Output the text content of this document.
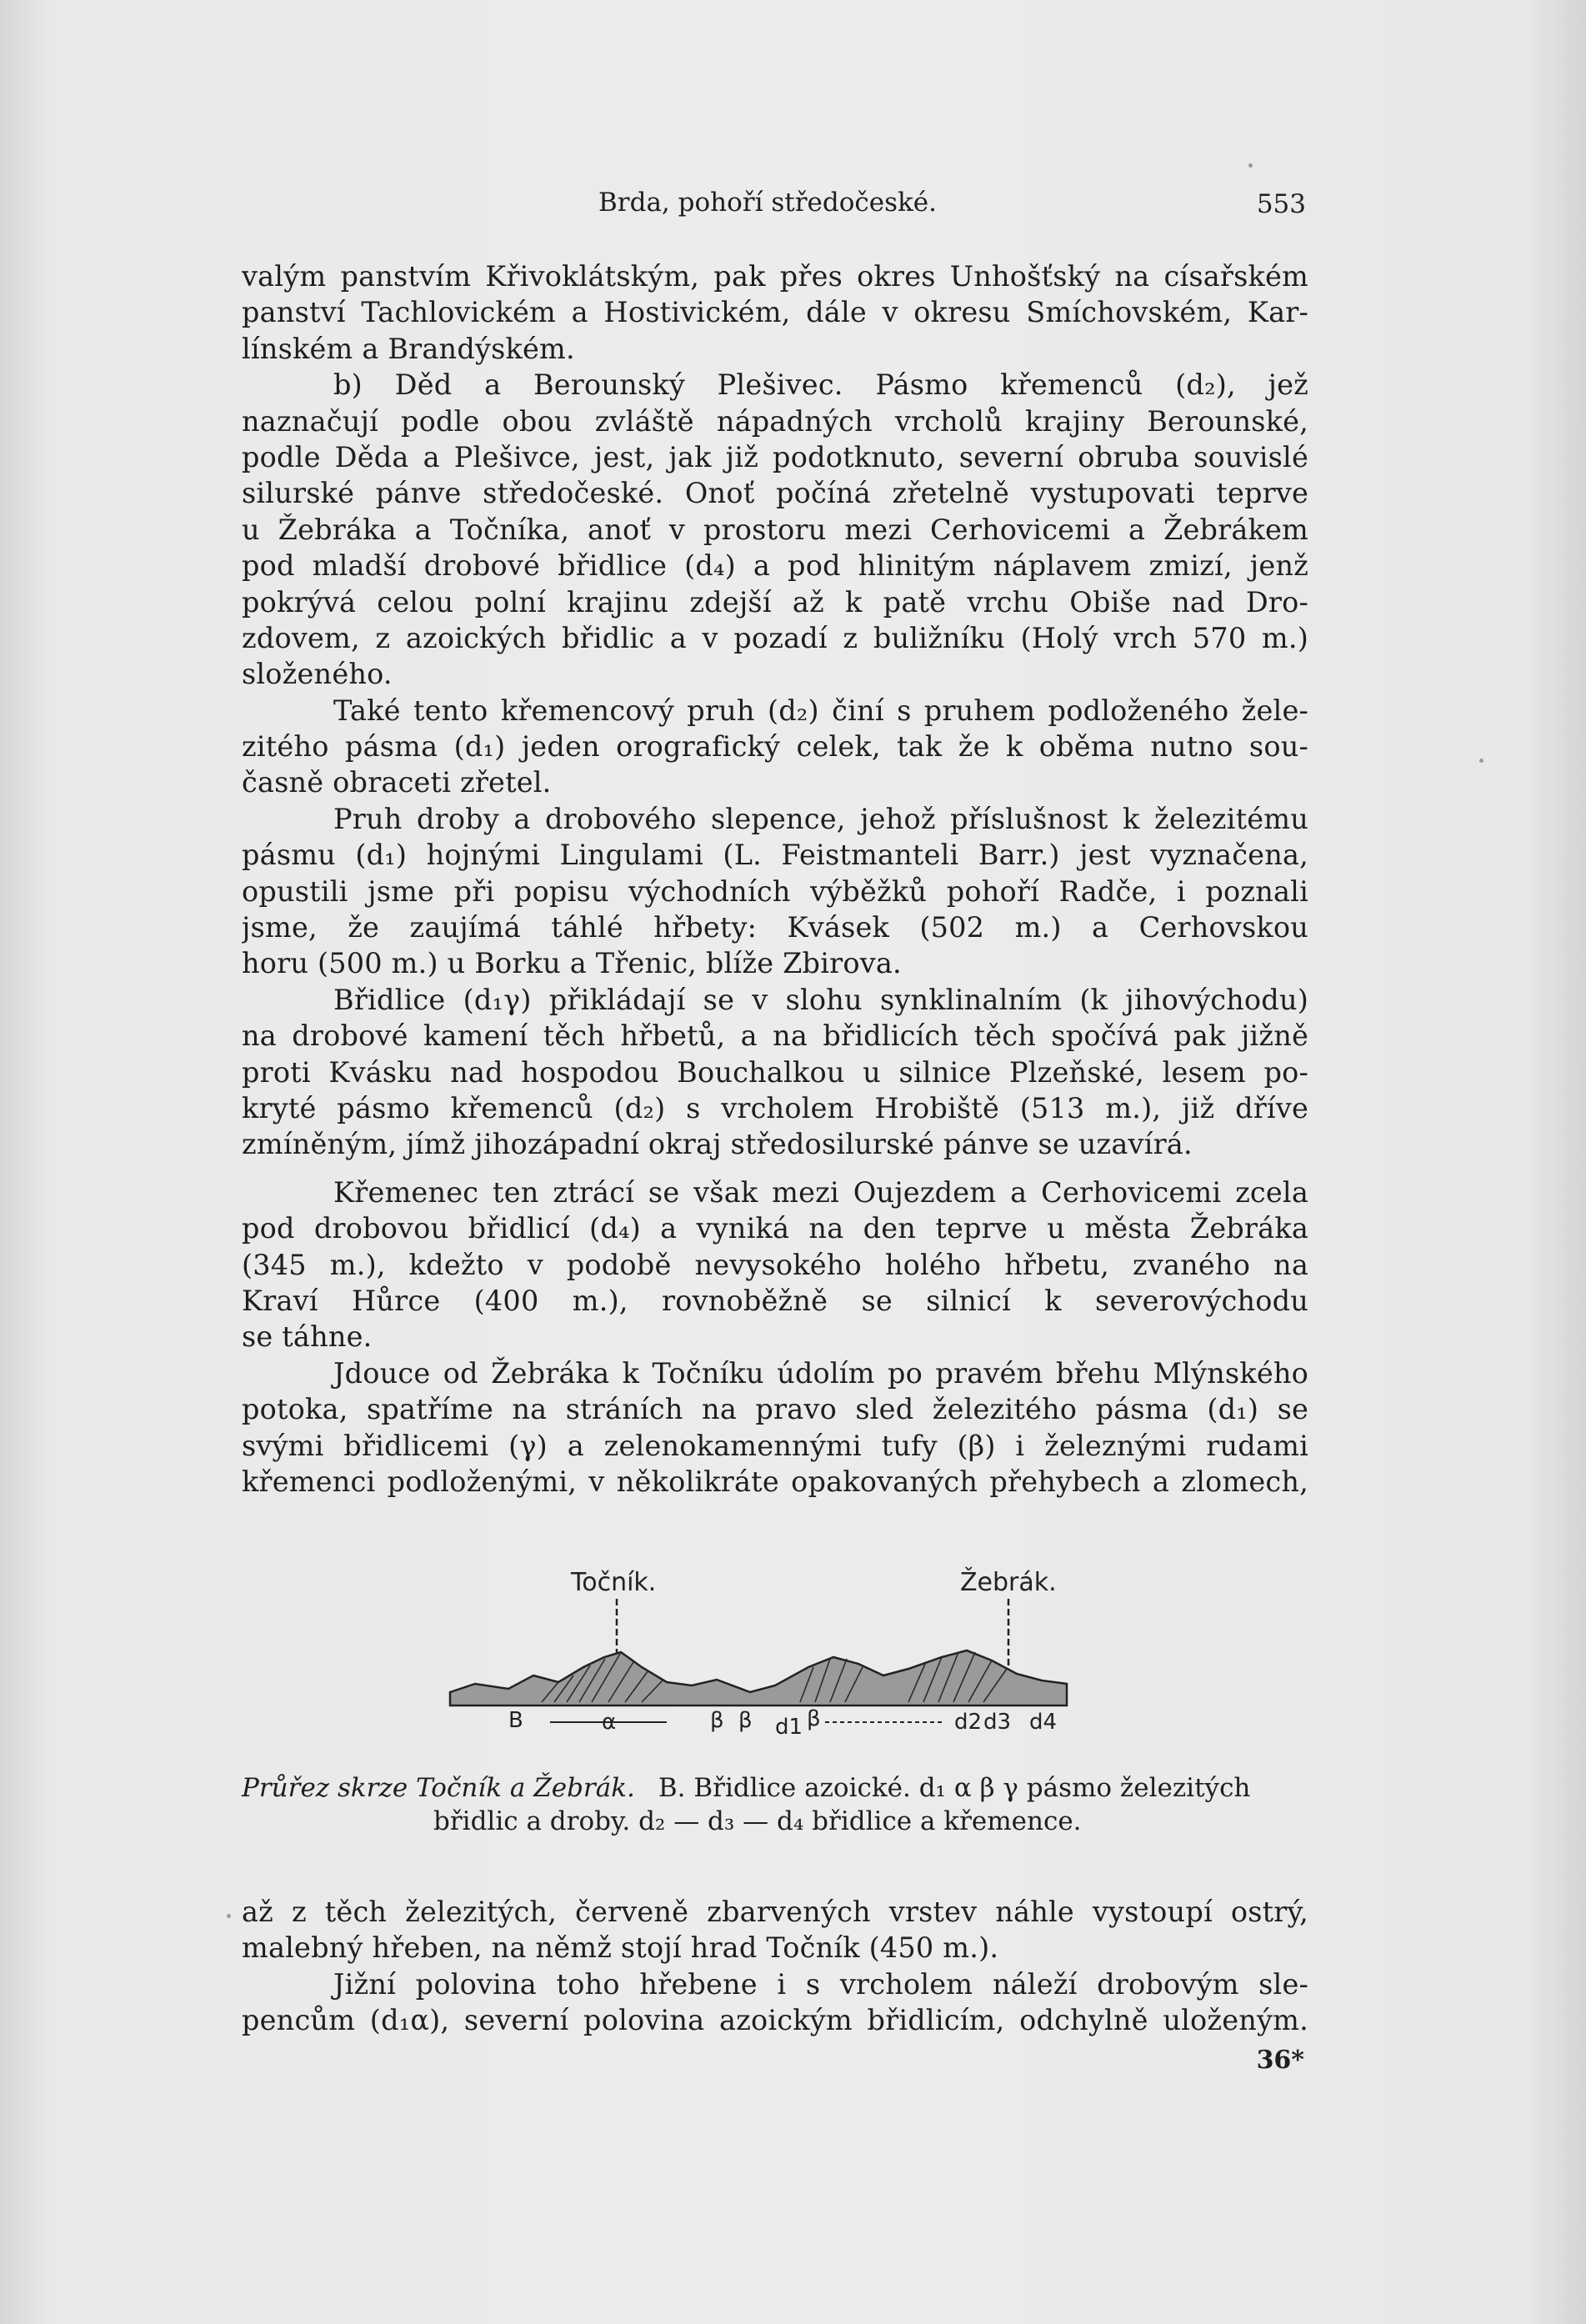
Brda, pohoří středočeské.	553
valým panstvím Křivoklátským, pak přes okres Unhošťský na císařském
panství Tachlovickém a Hostivickém, dále v okresu Smíchovském, Kar-
línském a Brandýském.
b) Děd a Berounský Plešivec. Pásmo křemenců (d₂), jež
naznačují podle obou zvláště nápadných vrcholů krajiny Berounské,
podle Děda a Plešivce, jest, jak již podotknuto, severní obruba souvislé
silurské pánve středočeské. Onoť počíná zřetelně vystupovati teprve
u Žebráka a Točníka, anoť v prostoru mezi Cerhovicemi a Žebrákem
pod mladší drobové břidlice (d₄) a pod hlinitým náplavem zmizí, jenž
pokrývá celou polní krajinu zdejší až k patě vrchu Obiše nad Dro-
zdovem, z azoických břidlic a v pozadí z buližníku (Holý vrch 570 m.)
složeného.
Také tento křemencový pruh (d₂) činí s pruhem podloženého žele-
zitého pásma (d₁) jeden orografický celek, tak že k oběma nutno sou-
časně obraceti zřetel.
Pruh droby a drobového slepence, jehož příslušnost k železitému
pásmu (d₁) hojnými Lingulami (L. Feistmanteli Barr.) jest vyznačena,
opustili jsme při popisu východních výběžků pohoří Radče, i poznali
jsme, že zaujímá táhlé hřbety: Kvásek (502 m.) a Cerhovskou
horu (500 m.) u Borku a Třenic, blíže Zbirova.
Břidlice (d₁γ) přikládají se v slohu synklinalním (k jihovýchodu)
na drobové kamení těch hřbetů, a na břidlicích těch spočívá pak jižně
proti Kvásku nad hospodou Bouchalkou u silnice Plzeňské, lesem po-
kryté pásmo křemenců (d₂) s vrcholem Hrobiště (513 m.), již dříve
zmíněným, jímž jihozápadní okraj středosilurské pánve se uzavírá.
Křemenec ten ztrácí se však mezi Oujezdem a Cerhovicemi zcela
pod drobovou břidlicí (d₄) a vyniká na den teprve u města Žebráka
(345 m.), kdežto v podobě nevysokého holého hřbetu, zvaného na
Kraví Hůrce (400 m.), rovnoběžně se silnicí k severovýchodu
se táhne.
Jdouce od Žebráka k Točníku údolím po pravém břehu Mlýnského
potoka, spatříme na stráních na pravo sled železitého pásma (d₁) se
svými břidlicemi (γ) a zelenokamennými tufy (β) i železnými rudami
křemenci podloženými, v několikráte opakovaných přehybech a zlomech,
Točník.	Žebrák.
B	α	β β d1 β	d2 d3 d4
Průřez skrze Točník a Žebrák. B. Břidlice azoické. d₁ α β γ pásmo železitých
břidlic a droby. d₂ — d₃ — d₄ břidlice a křemence.
až z těch železitých, červeně zbarvených vrstev náhle vystoupí ostrý,
malebný hřeben, na němž stojí hrad Točník (450 m.).
Jižní polovina toho hřebene i s vrcholem náleží drobovým sle-
pencům (d₁α), severní polovina azoickým břidlicím, odchylně uloženým.
36*
